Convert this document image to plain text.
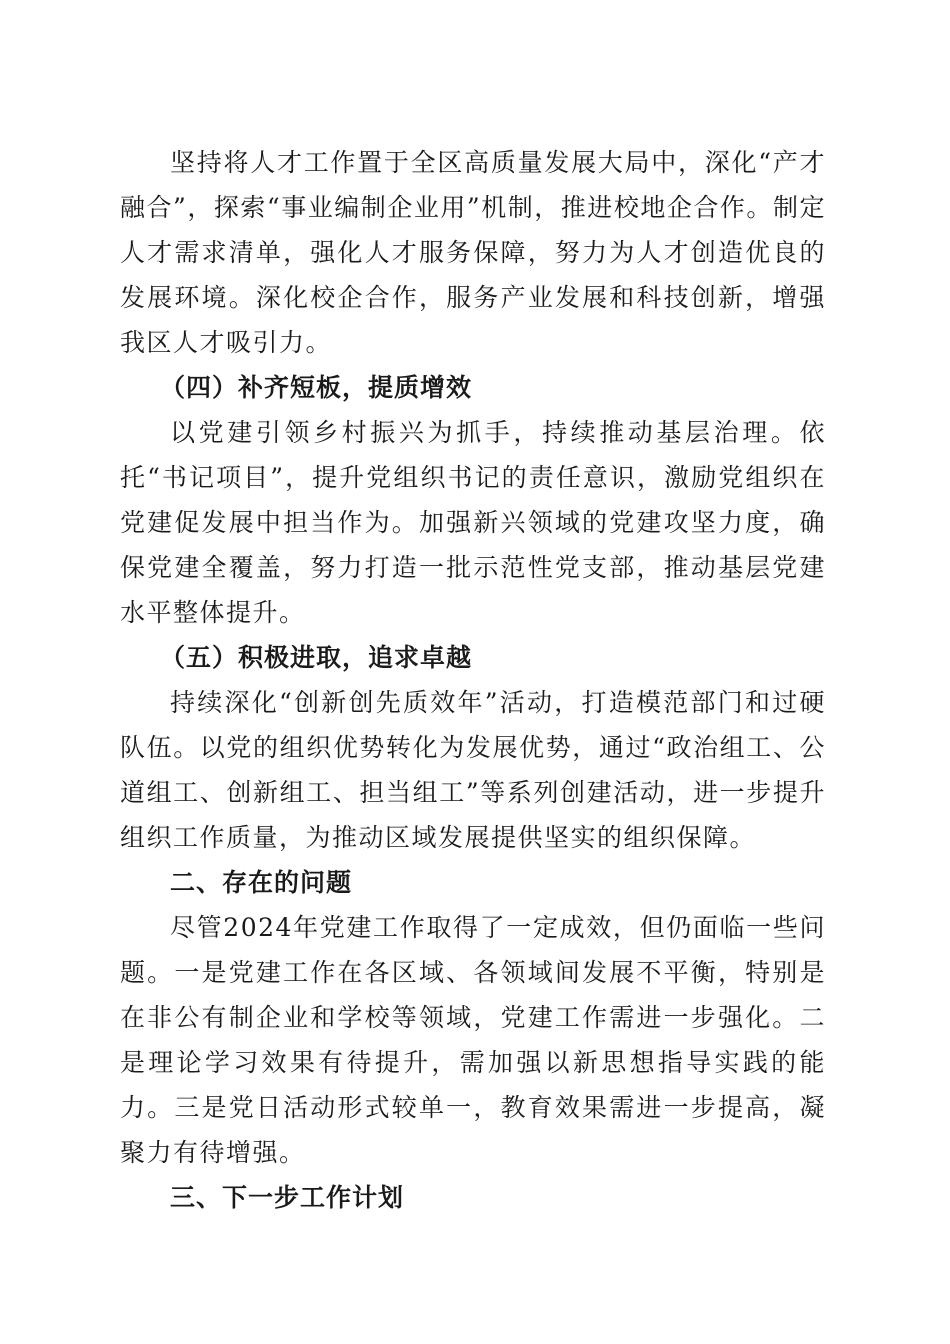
坚持将人才工作置于全区高质量发展大局中，深化“产才融合”，探索“事业编制企业用”机制，推进校地企合作。制定人才需求清单，强化人才服务保障，努力为人才创造优良的发展环境。深化校企合作，服务产业发展和科技创新，增强我区人才吸引力。

（四）补齐短板，提质增效

以党建引领乡村振兴为抓手，持续推动基层治理。依托“书记项目”，提升党组织书记的责任意识，激励党组织在党建促发展中担当作为。加强新兴领域的党建攻坚力度，确保党建全覆盖，努力打造一批示范性党支部，推动基层党建水平整体提升。

（五）积极进取，追求卓越

持续深化“创新创先质效年”活动，打造模范部门和过硬队伍。以党的组织优势转化为发展优势，通过“政治组工、公道组工、创新组工、担当组工”等系列创建活动，进一步提升组织工作质量，为推动区域发展提供坚实的组织保障。

二、存在的问题

尽管2024年党建工作取得了一定成效，但仍面临一些问题。一是党建工作在各区域、各领域间发展不平衡，特别是在非公有制企业和学校等领域，党建工作需进一步强化。二是理论学习效果有待提升，需加强以新思想指导实践的能力。三是党日活动形式较单一，教育效果需进一步提高，凝聚力有待增强。

三、下一步工作计划
